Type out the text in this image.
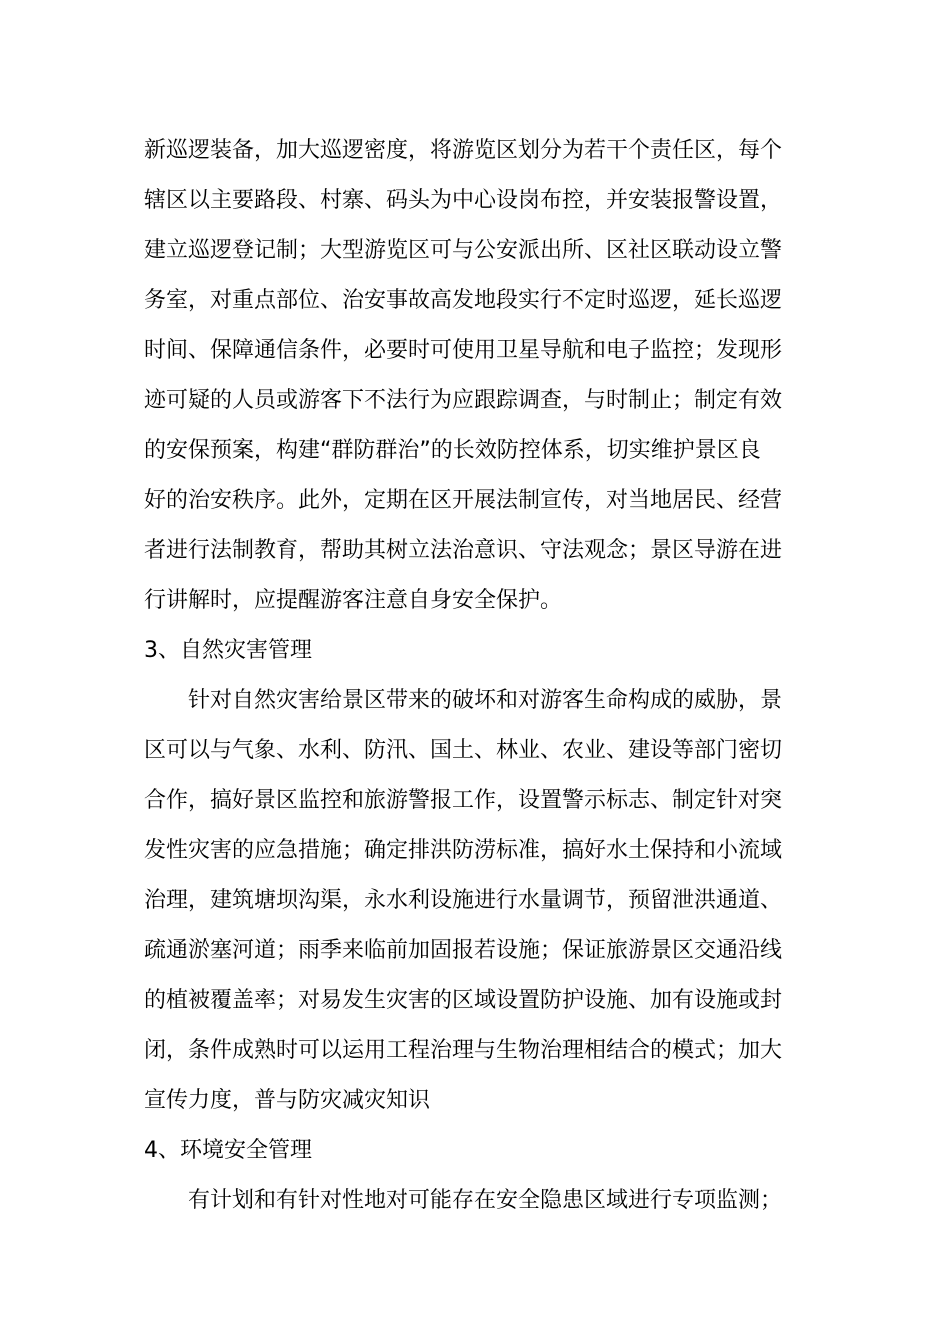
新巡逻装备，加大巡逻密度，将游览区划分为若干个责任区，每个
辖区以主要路段、村寨、码头为中心设岗布控，并安装报警设置，
建立巡逻登记制；大型游览区可与公安派出所、区社区联动设立警
务室，对重点部位、治安事故高发地段实行不定时巡逻，延长巡逻
时间、保障通信条件，必要时可使用卫星导航和电子监控；发现形
迹可疑的人员或游客下不法行为应跟踪调查，与时制止；制定有效
的安保预案，构建“群防群治”的长效防控体系，切实维护景区良
好的治安秩序。此外，定期在区开展法制宣传，对当地居民、经营
者进行法制教育，帮助其树立法治意识、守法观念；景区导游在进
行讲解时，应提醒游客注意自身安全保护。
3、自然灾害管理
针对自然灾害给景区带来的破坏和对游客生命构成的威胁，景
区可以与气象、水利、防汛、国土、林业、农业、建设等部门密切
合作，搞好景区监控和旅游警报工作，设置警示标志、制定针对突
发性灾害的应急措施；确定排洪防涝标准，搞好水土保持和小流域
治理，建筑塘坝沟渠，永水利设施进行水量调节，预留泄洪通道、
疏通淤塞河道；雨季来临前加固报若设施；保证旅游景区交通沿线
的植被覆盖率；对易发生灾害的区域设置防护设施、加有设施或封
闭，条件成熟时可以运用工程治理与生物治理相结合的模式；加大
宣传力度，普与防灾减灾知识
4、环境安全管理
有计划和有针对性地对可能存在安全隐患区域进行专项监测；
